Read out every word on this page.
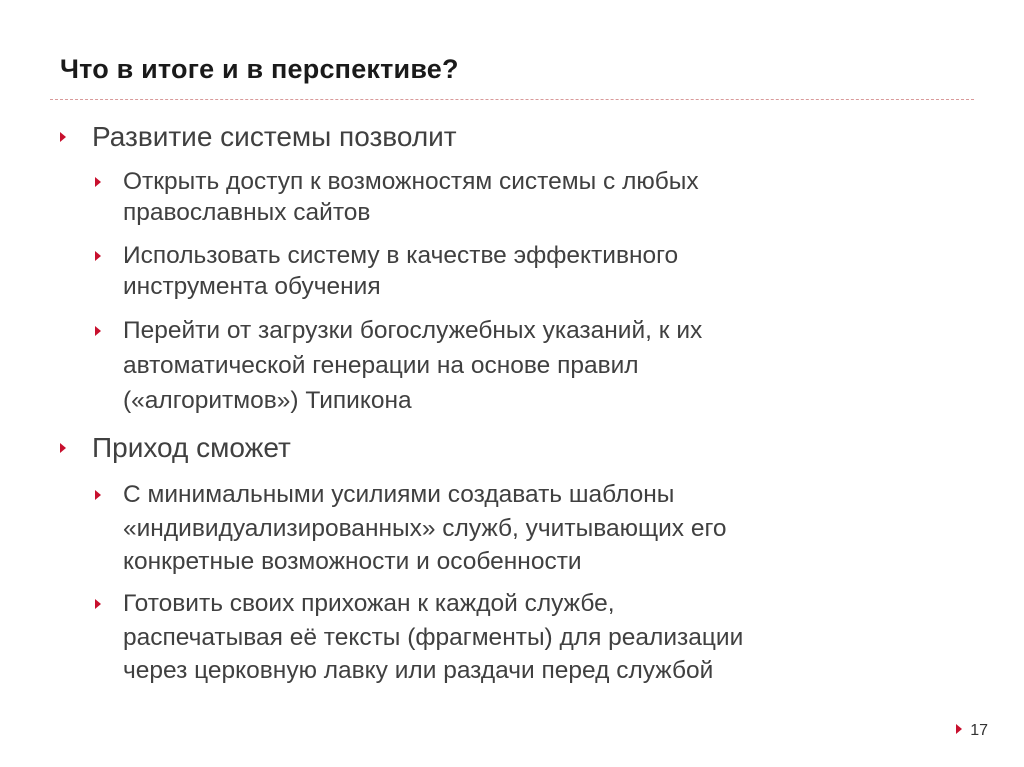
Что в итоге и в перспективе?

Развитие системы позволит

Открыть доступ к возможностям системы с любых

православных сайтов

Использовать систему в качестве эффективного

инструмента обучения

Перейти от загрузки богослужебных указаний, к их

автоматической генерации на основе правил

(«алгоритмов») Типикона

Приход сможет

С минимальными усилиями создавать шаблоны

«индивидуализированных» служб, учитывающих его

конкретные возможности и особенности

Готовить своих прихожан к каждой службе,

распечатывая её тексты (фрагменты) для реализации

через церковную лавку или раздачи перед службой

17
